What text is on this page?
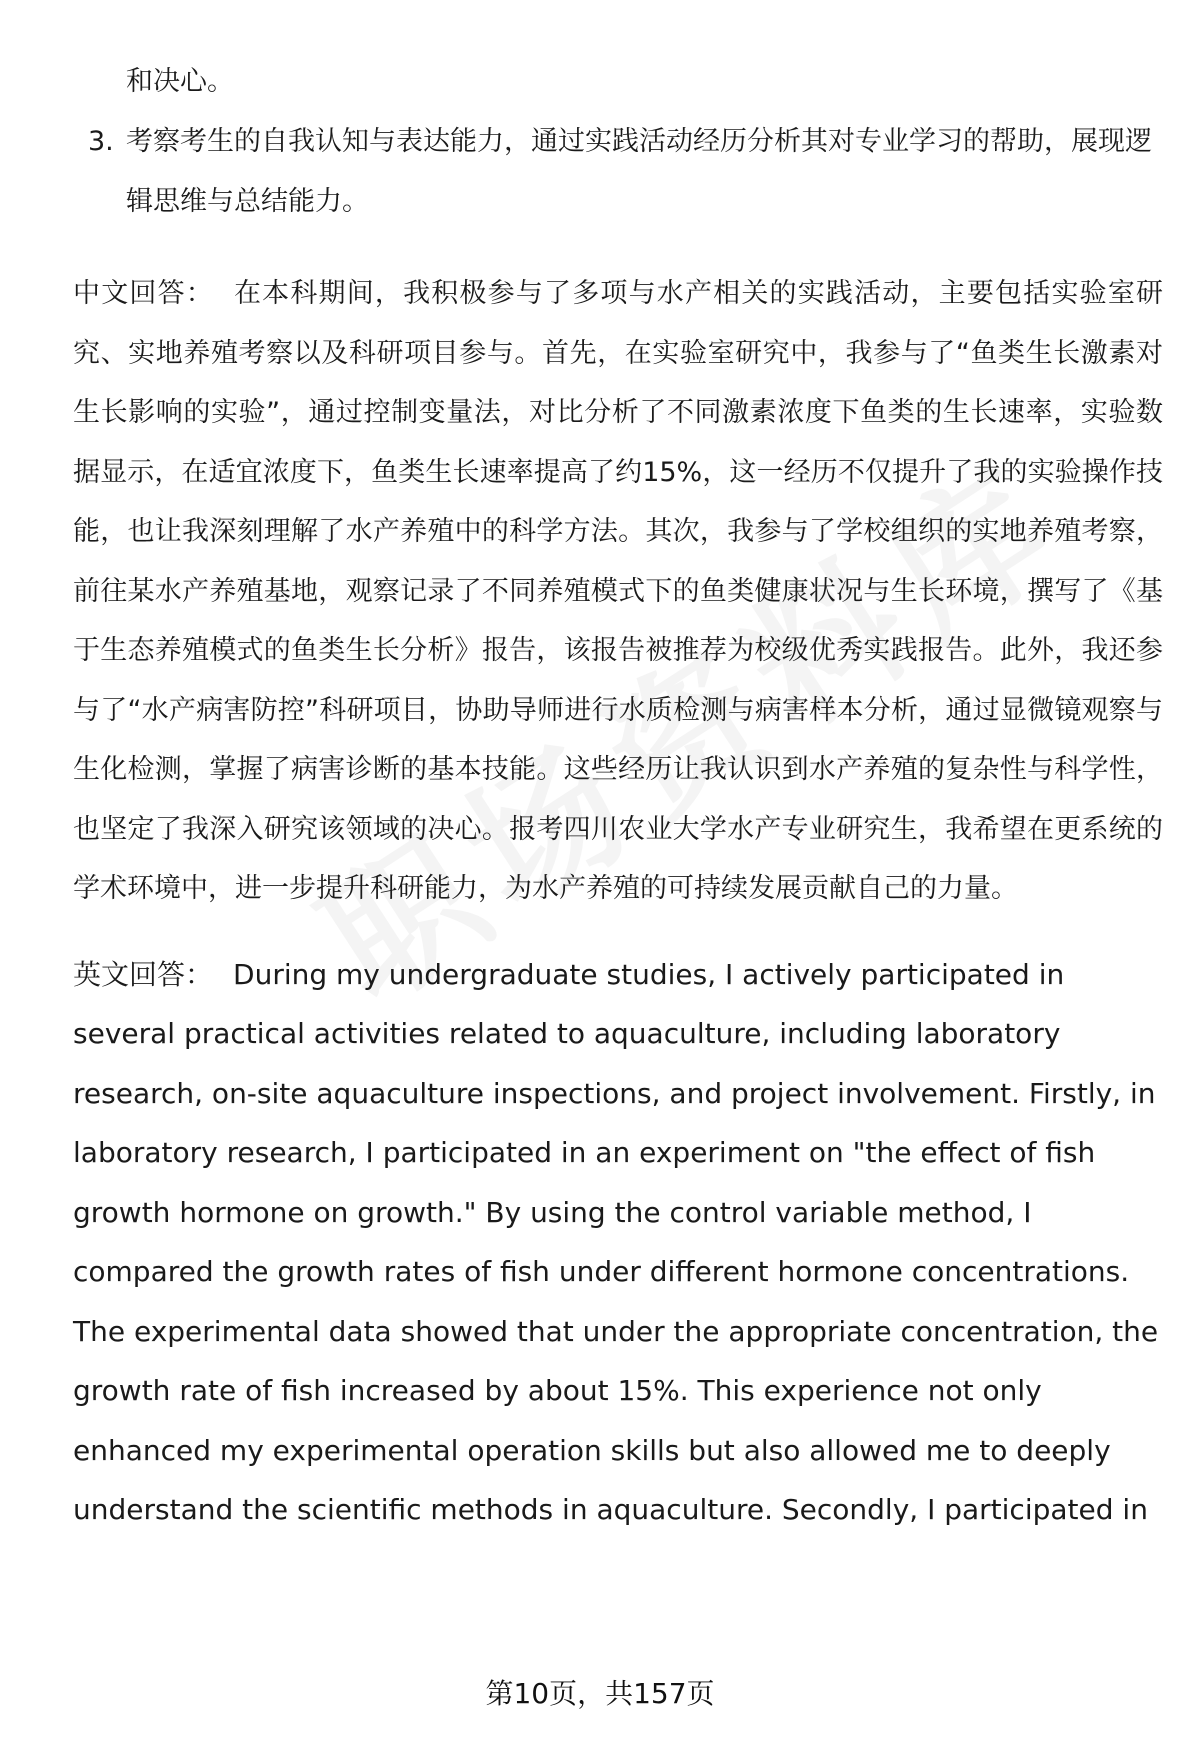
和决心。

3. 考察考生的自我认知与表达能力，通过实践活动经历分析其对专业学习的帮助，展现逻辑思维与总结能力。

中文回答： 在本科期间，我积极参与了多项与水产相关的实践活动，主要包括实验室研究、实地养殖考察以及科研项目参与。首先，在实验室研究中，我参与了“鱼类生长激素对生长影响的实验”，通过控制变量法，对比分析了不同激素浓度下鱼类的生长速率，实验数据显示，在适宜浓度下，鱼类生长速率提高了约15%，这一经历不仅提升了我的实验操作技能，也让我深刻理解了水产养殖中的科学方法。其次，我参与了学校组织的实地养殖考察，前往某水产养殖基地，观察记录了不同养殖模式下的鱼类健康状况与生长环境，撰写了《基于生态养殖模式的鱼类生长分析》报告，该报告被推荐为校级优秀实践报告。此外，我还参与了“水产病害防控”科研项目，协助导师进行水质检测与病害样本分析，通过显微镜观察与生化检测，掌握了病害诊断的基本技能。这些经历让我认识到水产养殖的复杂性与科学性，也坚定了我深入研究该领域的决心。报考四川农业大学水产专业研究生，我希望在更系统的学术环境中，进一步提升科研能力，为水产养殖的可持续发展贡献自己的力量。

英文回答： During my undergraduate studies, I actively participated in several practical activities related to aquaculture, including laboratory research, on-site aquaculture inspections, and project involvement. Firstly, in laboratory research, I participated in an experiment on "the effect of fish growth hormone on growth." By using the control variable method, I compared the growth rates of fish under different hormone concentrations. The experimental data showed that under the appropriate concentration, the growth rate of fish increased by about 15%. This experience not only enhanced my experimental operation skills but also allowed me to deeply understand the scientific methods in aquaculture. Secondly, I participated in

第10页，共157页
